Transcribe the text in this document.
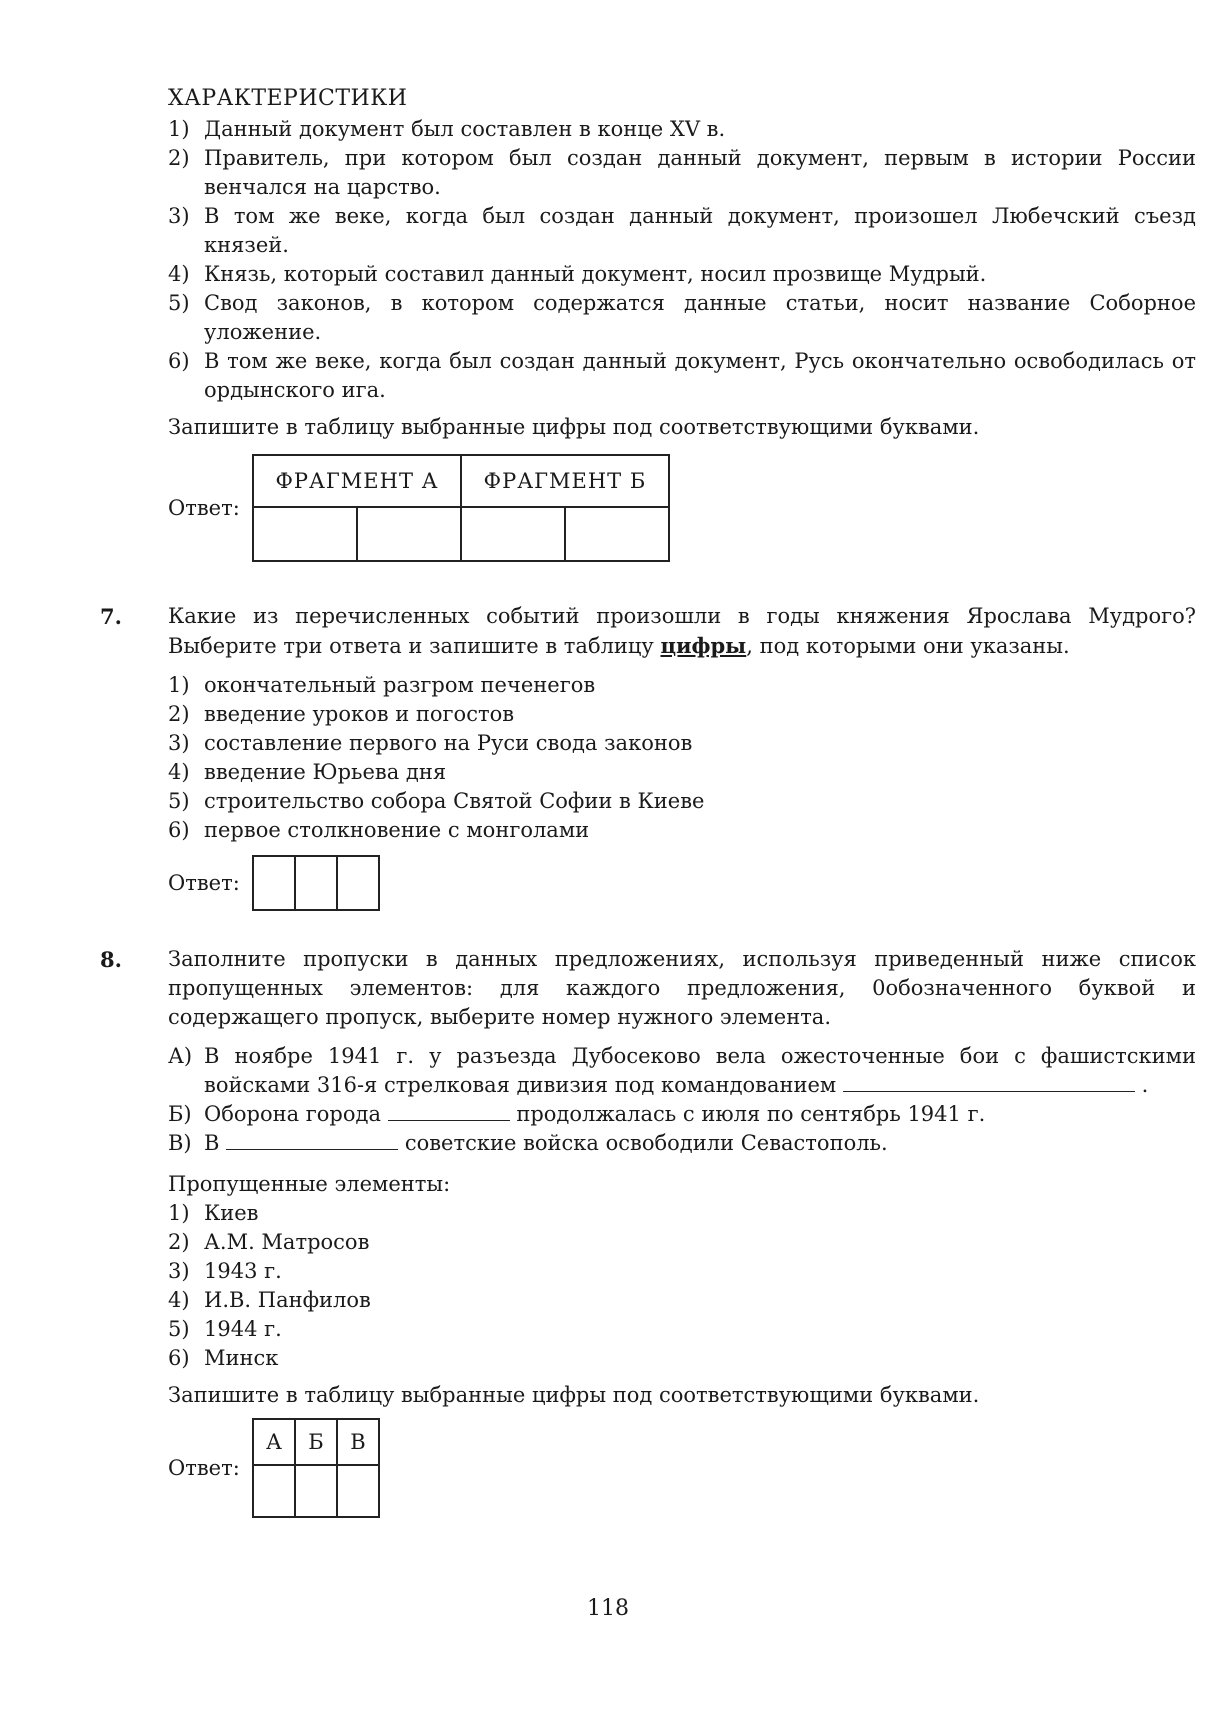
ХАРАКТЕРИСТИКИ
1) Данный документ был составлен в конце XV в.
2) Правитель, при котором был создан данный документ, первым в истории России венчался на царство.
3) В том же веке, когда был создан данный документ, произошел Любечский съезд князей.
4) Князь, который составил данный документ, носил прозвище Мудрый.
5) Свод законов, в котором содержатся данные статьи, носит название Соборное уложение.
6) В том же веке, когда был создан данный документ, Русь окончательно освободилась от ордынского ига.

Запишите в таблицу выбранные цифры под соответствующими буквами.

Ответ:
ФРАГМЕНТ А		ФРАГМЕНТ Б	

7. Какие из перечисленных событий произошли в годы княжения Ярослава Мудрого? Выберите три ответа и запишите в таблицу цифры, под которыми они указаны.

1) окончательный разгром печенегов
2) введение уроков и погостов
3) составление первого на Руси свода законов
4) введение Юрьева дня
5) строительство собора Святой Софии в Киеве
6) первое столкновение с монголами
Ответ:

8. Заполните пропуски в данных предложениях, используя приведенный ниже список пропущенных элементов: для каждого предложения, 0обозначенного буквой и содержащего пропуск, выберите номер нужного элемента.

А) В ноябре 1941 г. у разъезда Дубосеково вела ожесточенные бои с фашистскими войсками 316-я стрелковая дивизия под командованием	.
Б) Оборона города	продолжалась с июля по сентябрь 1941 г.
В) В	советские войска освободили Севастополь.

Пропущенные элементы:

1) Киев
2) А.М. Матросов
3) 1943 г.
4) И.В. Панфилов
5) 1944 г.
6) Минск

Запишите в таблицу выбранные цифры под соответствующими буквами.

Ответ:
А	Б	В

118
